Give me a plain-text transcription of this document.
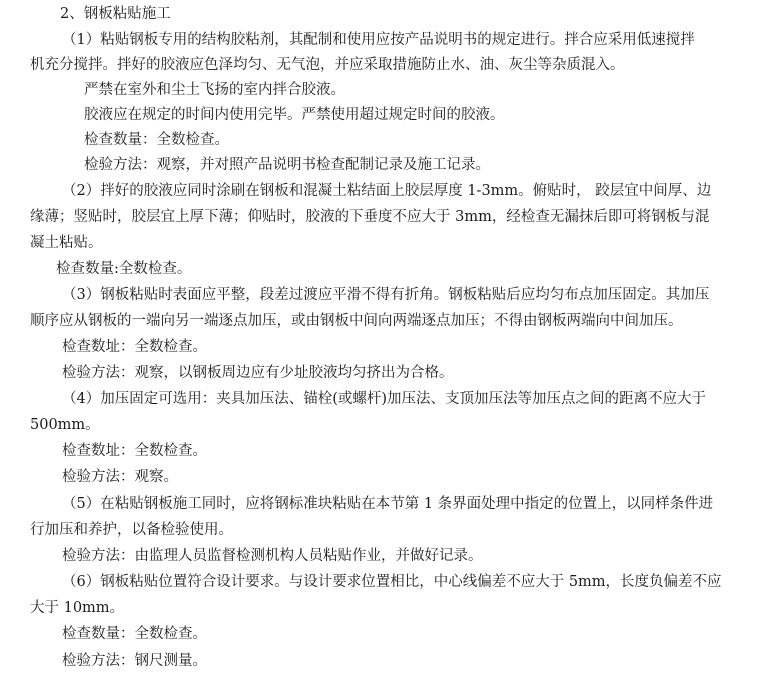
2、钢板粘贴施工
（1）粘贴钢板专用的结构胶粘剂，其配制和使用应按产品说明书的规定进行。拌合应采用低速搅拌
机充分搅拌。拌好的胶液应色泽均匀、无气泡，并应采取措施防止水、油、灰尘等杂质混入。
严禁在室外和尘土飞扬的室内拌合胶液。
胶液应在规定的时间内使用完毕。严禁使用超过规定时间的胶液。
检查数量：全数检查。
检验方法：观察，并对照产品说明书检查配制记录及施工记录。
（2）拌好的胶液应同时涂刷在钢板和混凝土粘结面上胶层厚度 1-3mm。俯贴时， 跤层宜中间厚、边
缘薄；竖贴时，胶层宜上厚下薄；仰贴时，胶液的下垂度不应大于 3mm，经检查无漏抹后即可将钢板与混
凝土粘贴。
检查数量:全数检查。
（3）钢板粘贴时表面应平整，段差过渡应平滑不得有折角。钢板粘贴后应均匀布点加压固定。其加压
顺序应从钢板的一端向另一端逐点加压，或由钢板中间向两端逐点加压；不得由钢板两端向中间加压。
检查数址：全数检查。
检验方法：观察，以钢板周边应有少址胶液均匀挤出为合格。
（4）加压固定可选用：夹具加压法、锚栓(或螺杆)加压法、支顶加压法等加压点之间的距离不应大于
500mm。
检查数址：全数检查。
检验方法：观察。
（5）在粘贴钢板施工同时，应将钢标准块粘贴在本节第 1 条界面处理中指定的位置上，以同样条件进
行加压和养护，以备检验使用。
检验方法：由监理人员监督检测机构人员粘贴作业，并做好记录。
（6）钢板粘贴位置符合设计要求。与设计要求位置相比，中心线偏差不应大于 5mm，长度负偏差不应
大于 10mm。
检查数量：全数检查。
检验方法：钢尺测量。
